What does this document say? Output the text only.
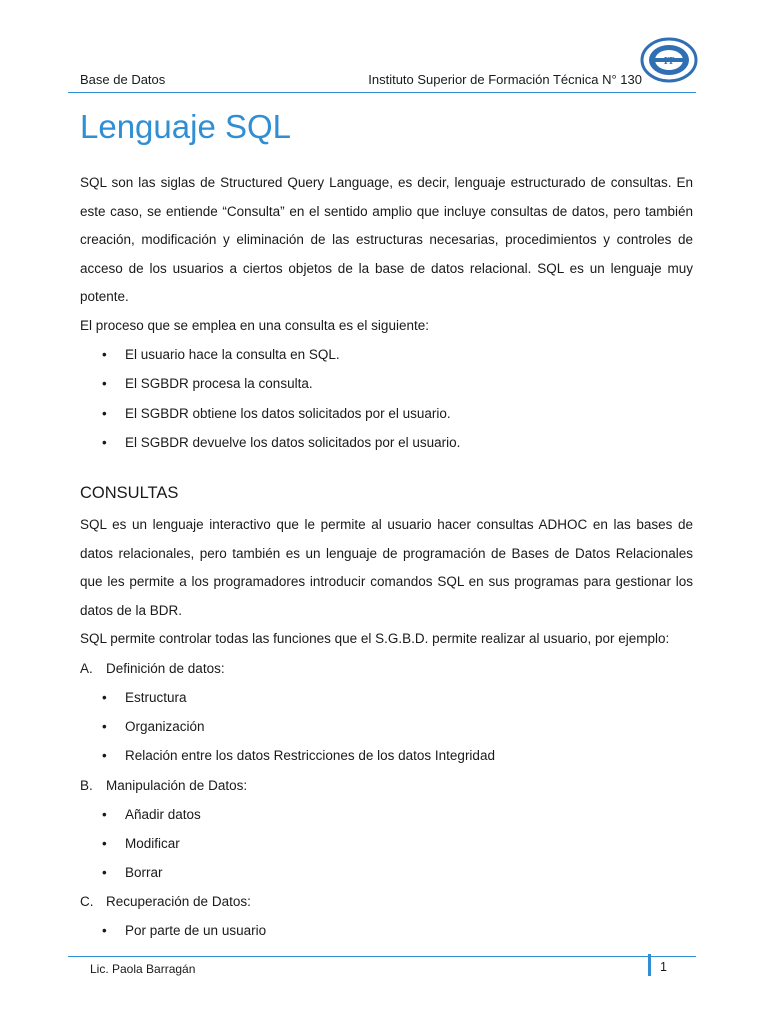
Base de Datos	Instituto Superior de Formación Técnica N° 130
IT
Lenguaje SQL

SQL son las siglas de Structured Query Language, es decir, lenguaje estructurado de consultas. En este caso, se entiende “Consulta” en el sentido amplio que incluye consultas de datos, pero también creación, modificación y eliminación de las estructuras necesarias, procedimientos y controles de acceso de los usuarios a ciertos objetos de la base de datos relacional. SQL es un lenguaje muy potente.

El proceso que se emplea en una consulta es el siguiente:

• El usuario hace la consulta en SQL.
• El SGBDR procesa la consulta.
• El SGBDR obtiene los datos solicitados por el usuario.
• El SGBDR devuelve los datos solicitados por el usuario.
CONSULTAS

SQL es un lenguaje interactivo que le permite al usuario hacer consultas ADHOC en las bases de datos relacionales, pero también es un lenguaje de programación de Bases de Datos Relacionales que les permite a los programadores introducir comandos SQL en sus programas para gestionar los datos de la BDR.

SQL permite controlar todas las funciones que el S.G.B.D. permite realizar al usuario, por ejemplo:

A. Definición de datos:
• Estructura
• Organización
• Relación entre los datos Restricciones de los datos Integridad
B. Manipulación de Datos:
• Añadir datos
• Modificar
• Borrar
C. Recuperación de Datos:
• Por parte de un usuario
Lic. Paola Barragán	1
